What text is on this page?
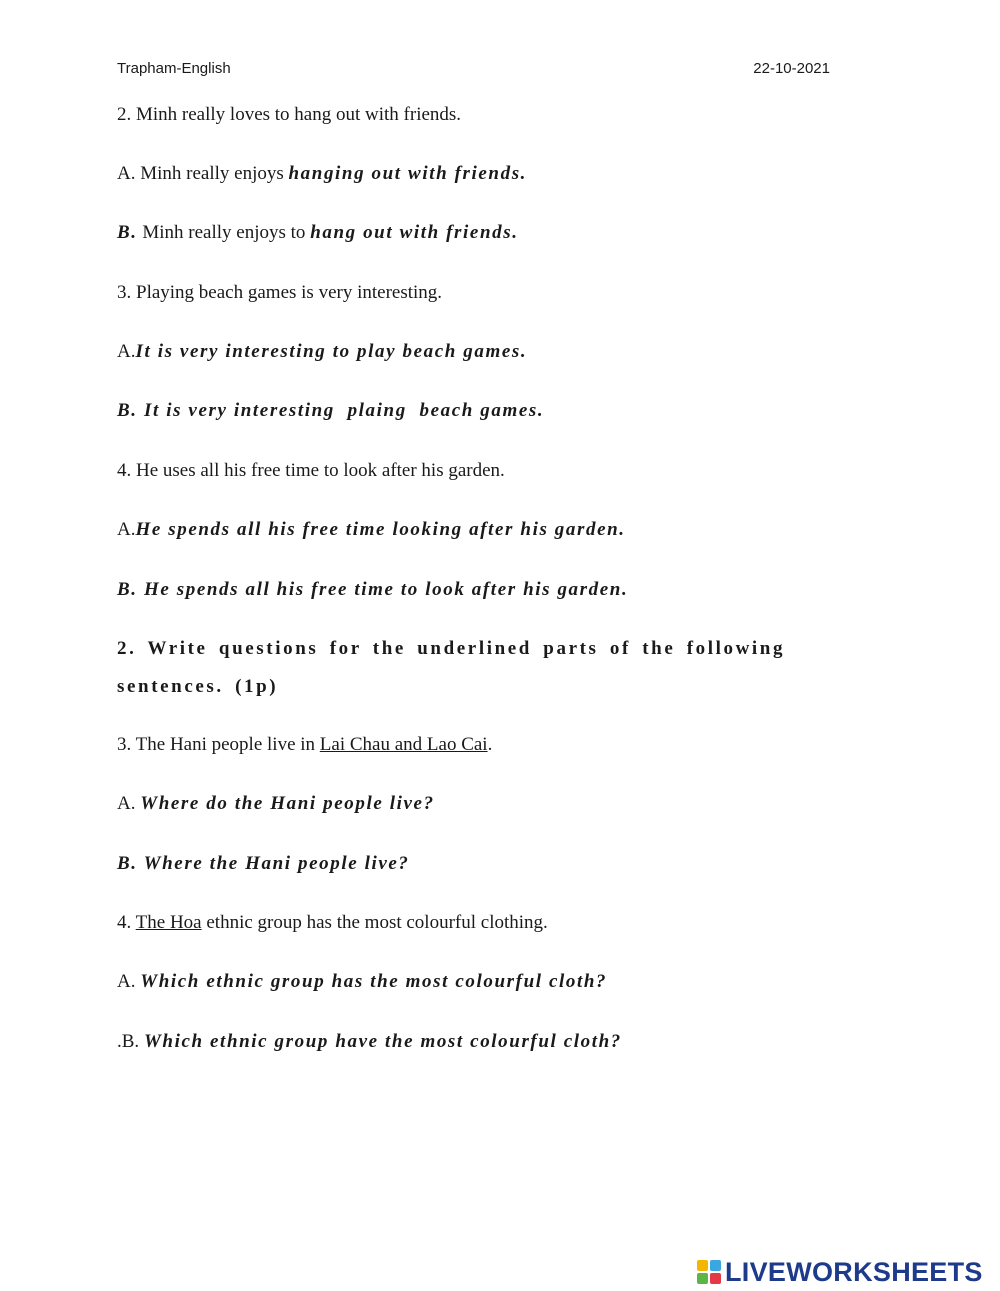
Trapham-English	22-10-2021
2. Minh really loves to hang out with friends.
A. Minh really enjoys hanging out with friends.
B. Minh really enjoys to hang out with friends.
3. Playing beach games is very interesting.
A.It is very interesting to play beach games.
B. It is very interesting  plaing  beach games.
4. He uses all his free time to look after his garden.
A.He spends all his free time looking after his garden.
B. He spends all his free time to look after his garden.
2. Write questions for the underlined parts of the following sentences. (1p)
3. The Hani people live in Lai Chau and Lao Cai.
A. Where do the Hani people live?
B. Where the Hani people live?
4. The Hoa ethnic group has the most colourful clothing.
A. Which ethnic group has the most colourful cloth?
.B. Which ethnic group have the most colourful cloth?
LIVEWORKSHEETS
